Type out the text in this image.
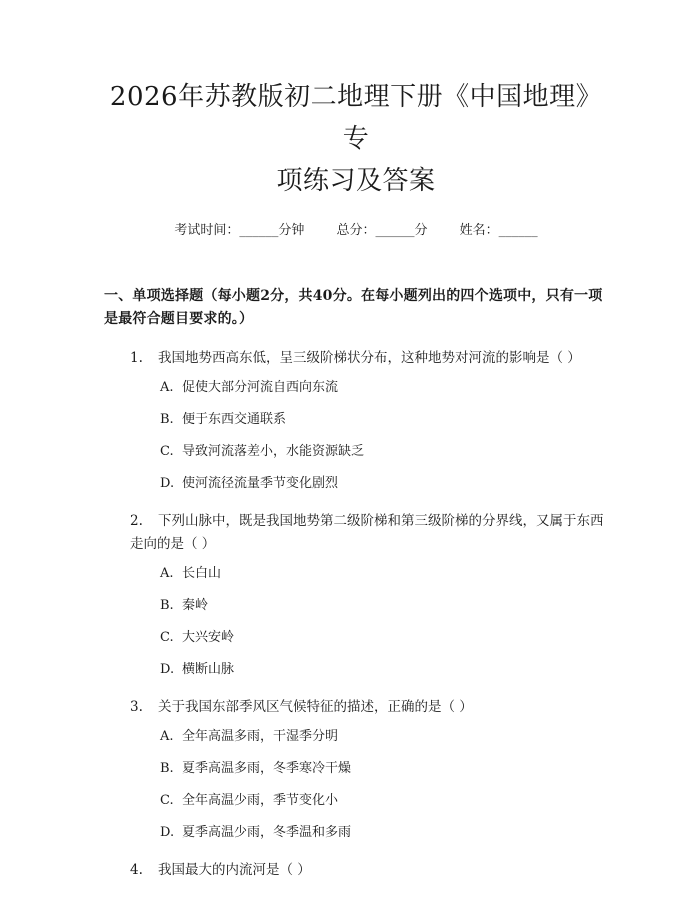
2026年苏教版初二地理下册《中国地理》专
项练习及答案
考试时间：______分钟 总分：______分 姓名：______
一、单项选择题（每小题2分，共40分。在每小题列出的四个选项中，只有一项是最符合题目要求的。）
1. 我国地势西高东低，呈三级阶梯状分布，这种地势对河流的影响是（ ）
A. 促使大部分河流自西向东流
B. 便于东西交通联系
C. 导致河流落差小，水能资源缺乏
D. 使河流径流量季节变化剧烈
2. 下列山脉中，既是我国地势第二级阶梯和第三级阶梯的分界线，又属于东西走向的是（ ）
A. 长白山
B. 秦岭
C. 大兴安岭
D. 横断山脉
3. 关于我国东部季风区气候特征的描述，正确的是（ ）
A. 全年高温多雨，干湿季分明
B. 夏季高温多雨，冬季寒冷干燥
C. 全年高温少雨，季节变化小
D. 夏季高温少雨，冬季温和多雨
4. 我国最大的内流河是（ ）
